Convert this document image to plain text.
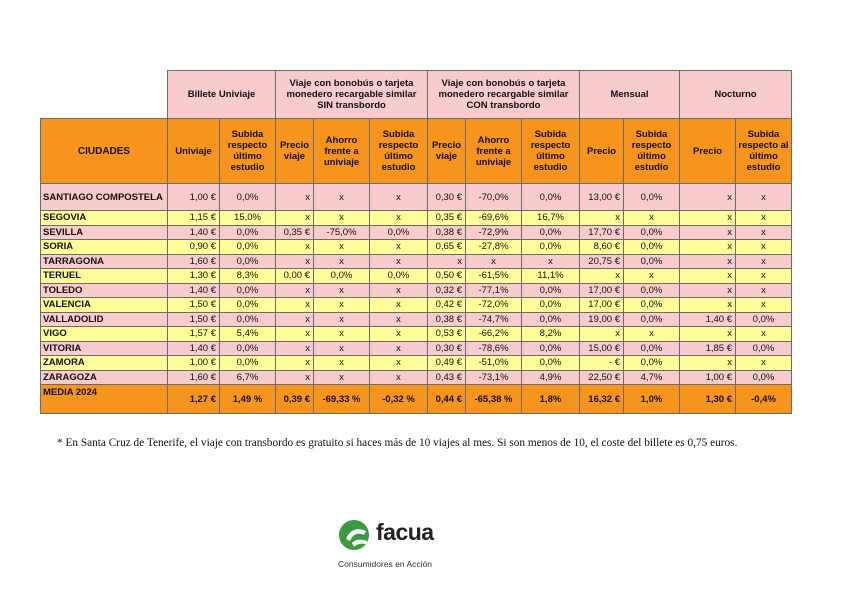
	Billete Univiaje		Viaje con bonobús o tarjeta monedero recargable similar SIN transbordo			Viaje con bonobús o tarjeta monedero recargable similar CON transbordo			Mensual		Nocturno	
CIUDADES	Univiaje	Subida respecto último estudio	Precio viaje	Ahorro frente a univiaje	Subida respecto último estudio	Precio viaje	Ahorro frente a univiaje	Subida respecto último estudio	Precio	Subida respecto último estudio	Precio	Subida respecto al último estudio
SANTIAGO COMPOSTELA	1,00 €	0,0%	x	x	x	0,30 €	-70,0%	0,0%	13,00 €	0,0%	x	x
SEGOVIA	1,15 €	15,0%	x	x	x	0,35 €	-69,6%	16,7%	x	x	x	x
SEVILLA	1,40 €	0,0%	0,35 €	-75,0%	0,0%	0,38 €	-72,9%	0,0%	17,70 €	0,0%	x	x
SORIA	0,90 €	0,0%	x	x	x	0,65 €	-27,8%	0,0%	8,60 €	0,0%	x	x
TARRAGONA	1,60 €	0,0%	x	x	x	x	x	x	20,75 €	0,0%	x	x
TERUEL	1,30 €	8,3%	0,00 €	0,0%	0,0%	0,50 €	-61,5%	11,1%	x	x	x	x
TOLEDO	1,40 €	0,0%	x	x	x	0,32 €	-77,1%	0,0%	17,00 €	0,0%	x	x
VALENCIA	1,50 €	0,0%	x	x	x	0,42 €	-72,0%	0,0%	17,00 €	0,0%	x	x
VALLADOLID	1,50 €	0,0%	x	x	x	0,38 €	-74,7%	0,0%	19,00 €	0,0%	1,40 €	0,0%
VIGO	1,57 €	5,4%	x	x	x	0,53 €	-66,2%	8,2%	x	x	x	x
VITORIA	1,40 €	0,0%	x	x	x	0,30 €	-78,6%	0,0%	15,00 €	0,0%	1,85 €	0,0%
ZAMORA	1,00 €	0,0%	x	x	x	0,49 €	-51,0%	0,0%	- €	0,0%	x	x
ZARAGOZA	1,60 €	6,7%	x	x	x	0,43 €	-73,1%	4,9%	22,50 €	4,7%	1,00 €	0,0%
MEDIA 2024	1,27 €	1,49 %	0,39 €	-69,33 %	-0,32 %	0,44 €	-65,38 %	1,8%	16,32 €	1,0%	1,30 €	-0,4%
* En Santa Cruz de Tenerife, el viaje con transbordo es gratuito si haces más de 10 viajes al mes. Si son menos de 10, el coste del billete es 0,75 euros.
facua
Consumidores en Acción
